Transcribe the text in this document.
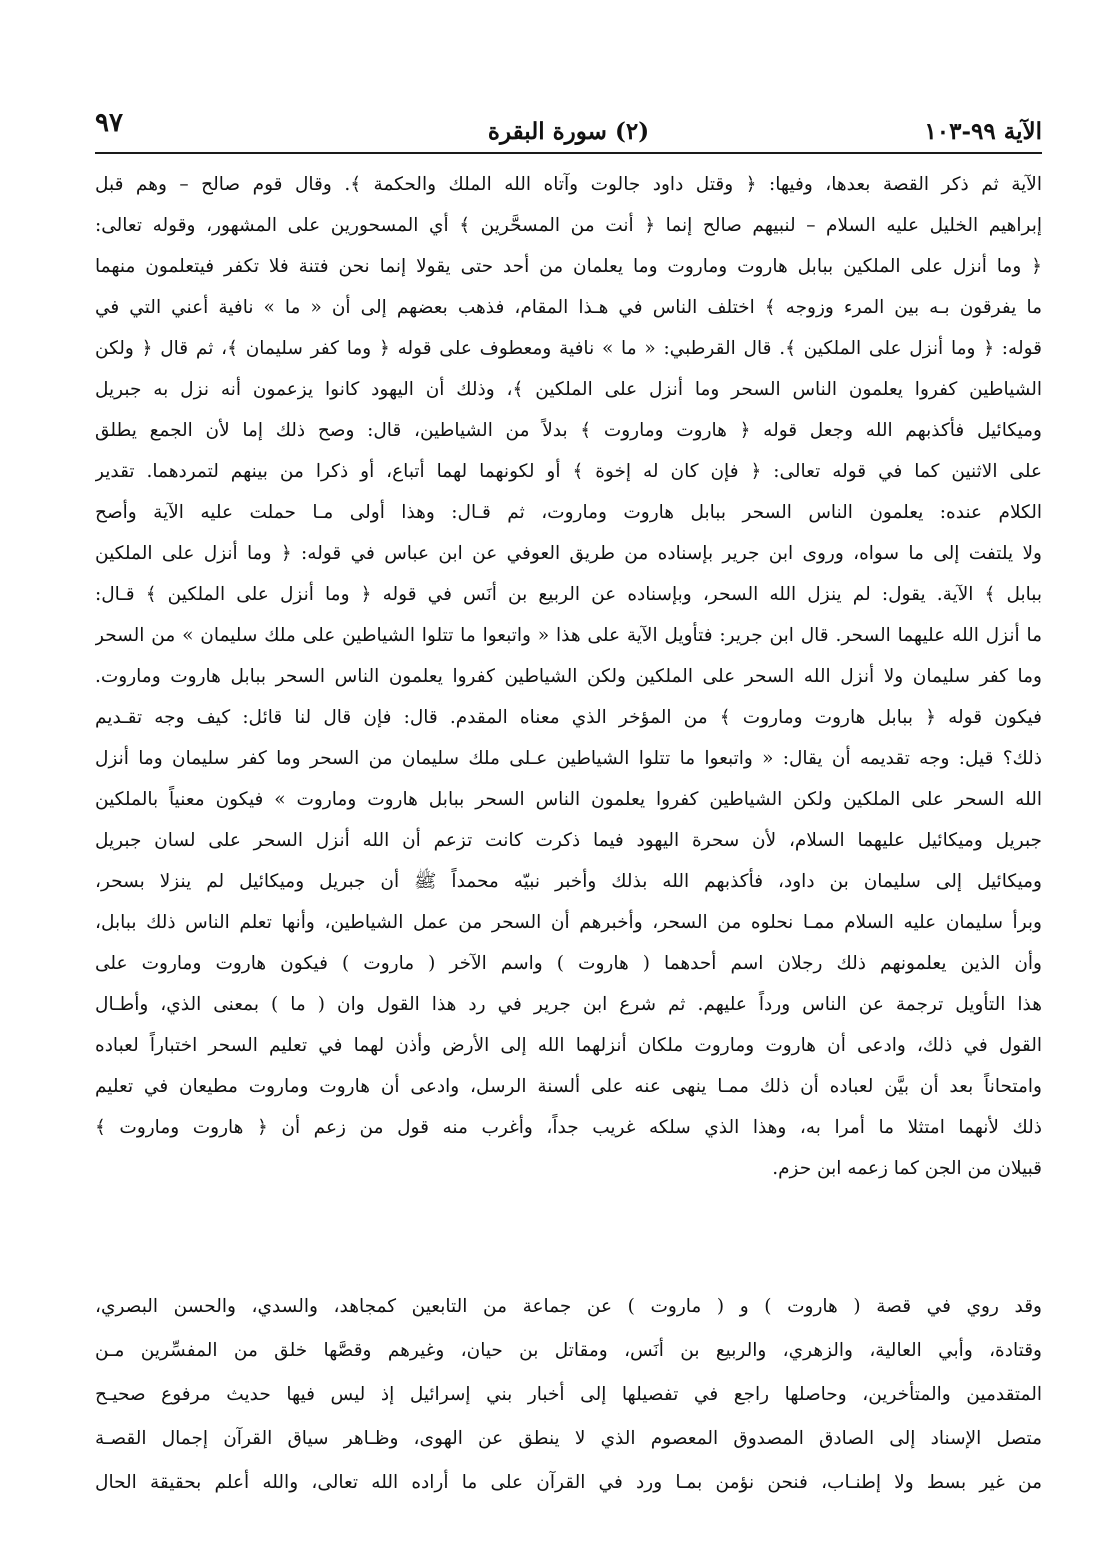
الآية ٩٩-١٠٣
(٢) سورة البقرة
٩٧
الآية ثم ذكر القصة بعدها، وفيها: ﴿ وقتل داود جالوت وآتاه الله الملك والحكمة ﴾. وقال قوم صالح – وهم قبل
إبراهيم الخليل عليه السلام – لنبيهم صالح إنما ﴿ أنت من المسحَّرين ﴾ أي المسحورين على المشهور، وقوله تعالى:
﴿ وما أنزل على الملكين ببابل هاروت وماروت وما يعلمان من أحد حتى يقولا إنما نحن فتنة فلا تكفر فيتعلمون منهما
ما يفرقون بـه بين المرء وزوجه ﴾ اختلف الناس في هـذا المقام، فذهب بعضهم إلى أن « ما » نافية أعني التي في
قوله: ﴿ وما أنزل على الملكين ﴾. قال القرطبي: « ما » نافية ومعطوف على قوله ﴿ وما كفر سليمان ﴾، ثم قال ﴿ ولكن
الشياطين كفروا يعلمون الناس السحر وما أنزل على الملكين ﴾، وذلك أن اليهود كانوا يزعمون أنه نزل به جبريل
وميكائيل فأكذبهم الله وجعل قوله ﴿ هاروت وماروت ﴾ بدلاً من الشياطين، قال: وصح ذلك إما لأن الجمع يطلق
على الاثنين كما في قوله تعالى: ﴿ فإن كان له إخوة ﴾ أو لكونهما لهما أتباع، أو ذكرا من بينهم لتمردهما. تقدير
الكلام عنده: يعلمون الناس السحر ببابل هاروت وماروت، ثم قـال: وهذا أولى مـا حملت عليه الآية وأصح
ولا يلتفت إلى ما سواه، وروى ابن جرير بإسناده من طريق العوفي عن ابن عباس في قوله: ﴿ وما أنزل على الملكين
ببابل ﴾ الآية. يقول: لم ينزل الله السحر، وبإسناده عن الربيع بن أنَس في قوله ﴿ وما أنزل على الملكين ﴾ قـال:
ما أنزل الله عليهما السحر. قال ابن جرير: فتأويل الآية على هذا « واتبعوا ما تتلوا الشياطين على ملك سليمان » من السحر
وما كفر سليمان ولا أنزل الله السحر على الملكين ولكن الشياطين كفروا يعلمون الناس السحر ببابل هاروت وماروت.
فيكون قوله ﴿ ببابل هاروت وماروت ﴾ من المؤخر الذي معناه المقدم. قال: فإن قال لنا قائل: كيف وجه تقـديم
ذلك؟ قيل: وجه تقديمه أن يقال: « واتبعوا ما تتلوا الشياطين عـلى ملك سليمان من السحر وما كفر سليمان وما أنزل
الله السحر على الملكين ولكن الشياطين كفروا يعلمون الناس السحر ببابل هاروت وماروت » فيكون معنياً بالملكين
جبريل وميكائيل عليهما السلام، لأن سحرة اليهود فيما ذكرت كانت تزعم أن الله أنزل السحر على لسان جبريل
وميكائيل إلى سليمان بن داود، فأكذبهم الله بذلك وأخبر نبيّه محمداً ﷺ أن جبريل وميكائيل لم ينزلا بسحر،
وبرأ سليمان عليه السلام ممـا نحلوه من السحر، وأخبرهم أن السحر من عمل الشياطين، وأنها تعلم الناس ذلك ببابل،
وأن الذين يعلمونهم ذلك رجلان اسم أحدهما ( هاروت ) واسم الآخر ( ماروت ) فيكون هاروت وماروت على
هذا التأويل ترجمة عن الناس ورداً عليهم. ثم شرع ابن جرير في رد هذا القول وان ( ما ) بمعنى الذي، وأطـال
القول في ذلك، وادعى أن هاروت وماروت ملكان أنزلهما الله إلى الأرض وأذن لهما في تعليم السحر اختباراً لعباده
وامتحاناً بعد أن بيَّن لعباده أن ذلك ممـا ينهى عنه على ألسنة الرسل، وادعى أن هاروت وماروت مطيعان في تعليم
ذلك لأنهما امتثلا ما أمرا به، وهذا الذي سلكه غريب جداً، وأغرب منه قول من زعم أن ﴿ هاروت وماروت ﴾
قبيلان من الجن كما زعمه ابن حزم.
وقد روي في قصة ( هاروت ) و ( ماروت ) عن جماعة من التابعين كمجاهد، والسدي، والحسن البصري،
وقتادة، وأبي العالية، والزهري، والربيع بن أنَس، ومقاتل بن حيان، وغيرهم وقصَّها خلق من المفسِّرين مـن
المتقدمين والمتأخرين، وحاصلها راجع في تفصيلها إلى أخبار بني إسرائيل إذ ليس فيها حديث مرفوع صحيـح
متصل الإسناد إلى الصادق المصدوق المعصوم الذي لا ينطق عن الهوى، وظـاهر سياق القرآن إجمال القصـة
من غير بسط ولا إطنـاب، فنحن نؤمن بمـا ورد في القرآن على ما أراده الله تعالى، والله أعلم بحقيقة الحال
